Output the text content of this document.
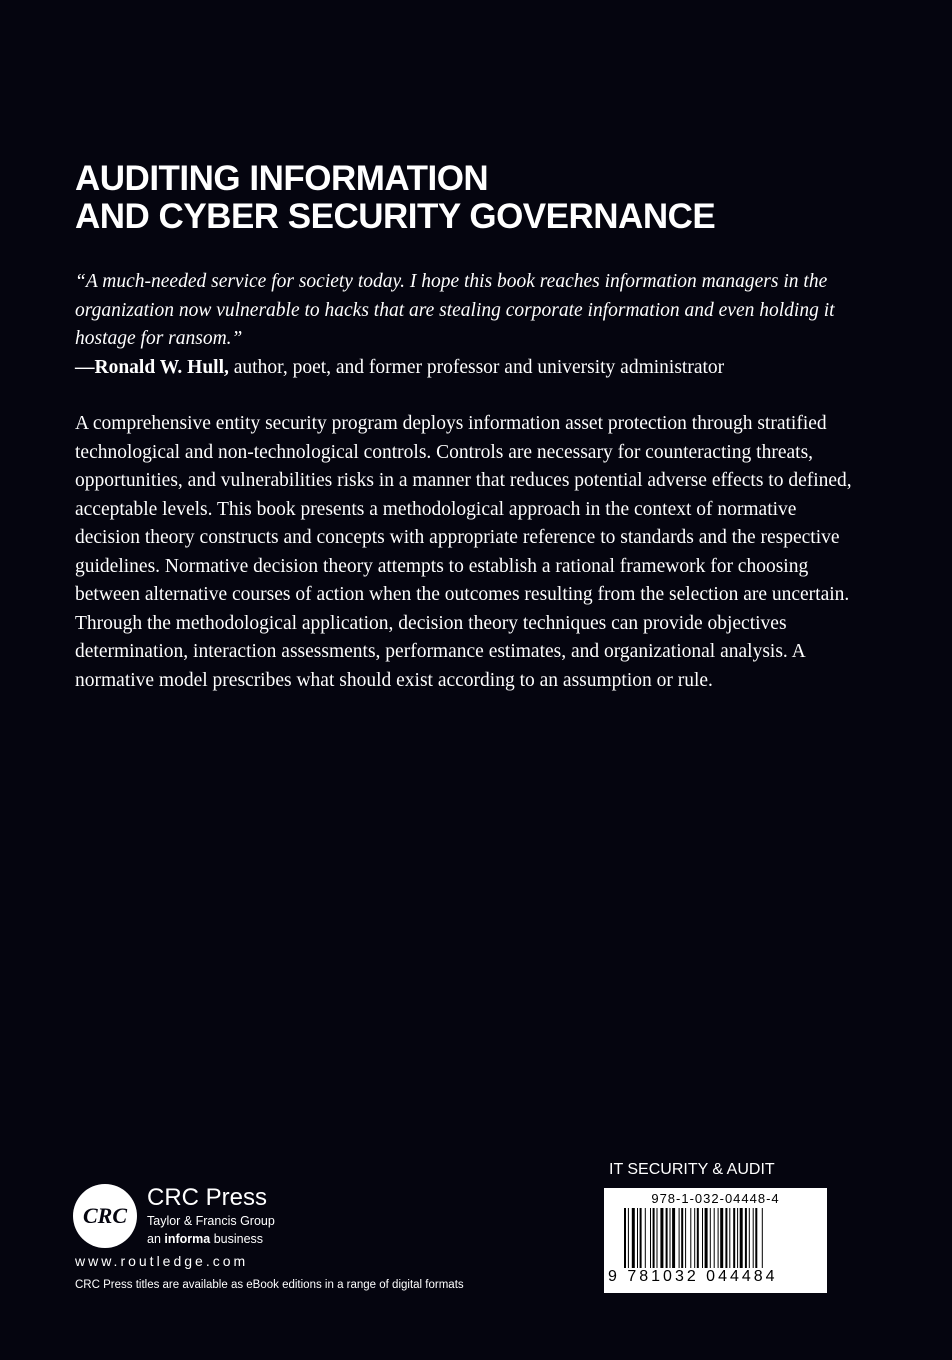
AUDITING INFORMATION
AND CYBER SECURITY GOVERNANCE

“A much-needed service for society today. I hope this book reaches information managers in the organization now vulnerable to hacks that are stealing corporate information and even holding it hostage for ransom.”

—Ronald W. Hull, author, poet, and former professor and university administrator

A comprehensive entity security program deploys information asset protection through stratified technological and non-technological controls. Controls are necessary for counteracting threats, opportunities, and vulnerabilities risks in a manner that reduces potential adverse effects to defined, acceptable levels. This book presents a methodological approach in the context of normative decision theory constructs and concepts with appropriate reference to standards and the respective guidelines. Normative decision theory attempts to establish a rational framework for choosing between alternative courses of action when the outcomes resulting from the selection are uncertain. Through the methodological application, decision theory techniques can provide objectives determination, interaction assessments, performance estimates, and organizational analysis. A normative model prescribes what should exist according to an assumption or rule.

CRC
CRC Press
Taylor & Francis Group
an informa business
www.routledge.com
CRC Press titles are available as eBook editions in a range of digital formats
IT SECURITY & AUDIT
978-1-032-04448-4
9 781032 044484
